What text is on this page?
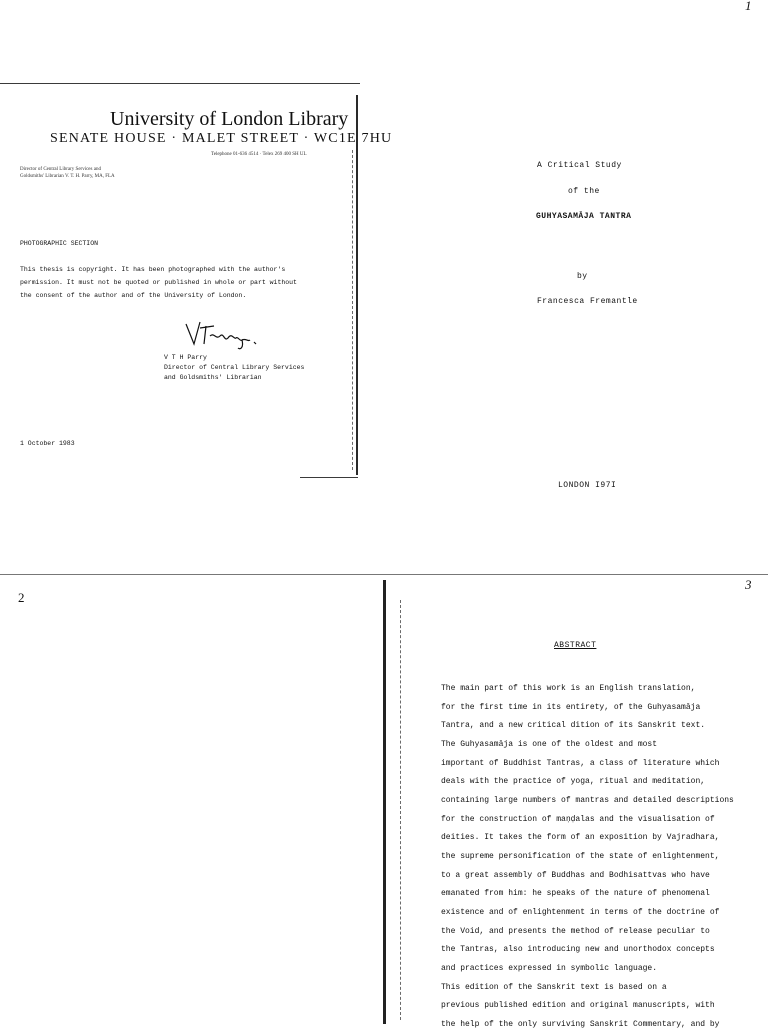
University of London Library
SENATE HOUSE · MALET STREET · WC1E 7HU
Telephone 01-636 4514 · Telex 269 400 SH UL
Director of Central Library Services and
Goldsmiths' Librarian V. T. H. Parry, MA, FLA
PHOTOGRAPHIC SECTION
This thesis is copyright. It has been photographed with the author's
permission. It must not be quoted or published in whole or part without
the consent of the author and of the University of London.
V T H Parry
Director of Central Library Services
and Goldsmiths' Librarian
1 October 1983
1
A Critical Study
of the
GUHYASAMĀJA TANTRA
by
Francesca Fremantle
LONDON I97I
2
3
ABSTRACT
The main part of this work is an English translation,
for the first time in its entirety, of the Guhyasamāja
Tantra, and a new critical dition of its Sanskrit text.
The Guhyasamāja is one of the oldest and most
important of Buddhist Tantras, a class of literature which
deals with the practice of yoga, ritual and meditation,
containing large numbers of mantras and detailed descriptions
for the construction of maṇḍalas and the visualisation of
deities. It takes the form of an exposition by Vajradhara,
the supreme personification of the state of enlightenment,
to a great assembly of Buddhas and Bodhisattvas who have
emanated from him: he speaks of the nature of phenomenal
existence and of enlightenment in terms of the doctrine of
the Void, and presents the method of release peculiar to
the Tantras, also introducing new and unorthodox concepts
and practices expressed in symbolic language.
This edition of the Sanskrit text is based on a
previous published edition and original manuscripts, with
the help of the only surviving Sanskrit Commentary, and by
